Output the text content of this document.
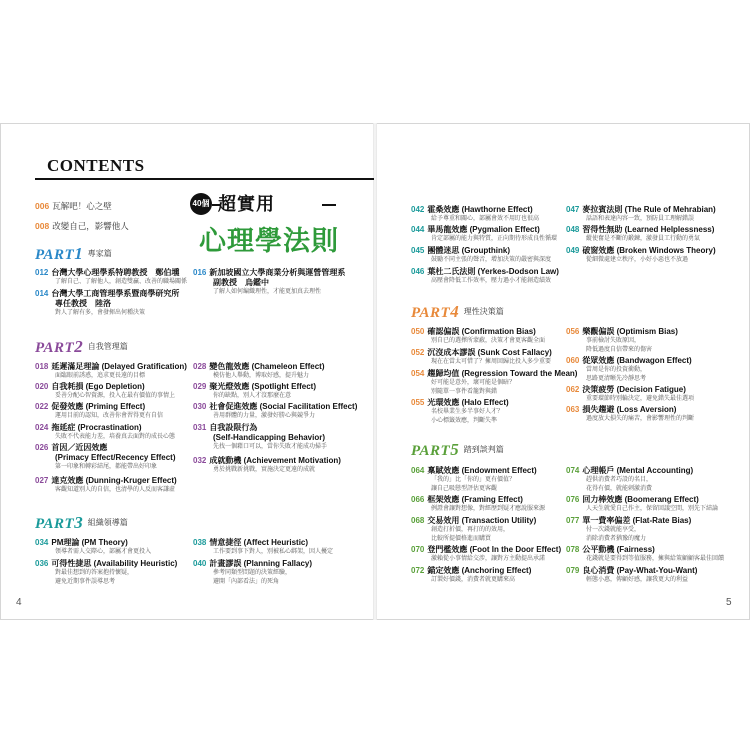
CONTENTS
006 瓦解吧！心之壁
008 改變自己，影響他人
40個 超實用
心理學法則
PART1 專家篇
012 台灣大學心理學系特聘教授　鄭伯壎
了解自己、了解他人，創造雙贏、改善的職場關係
014 台灣大學工商管理學系暨商學研究所
專任教授　陸洛
對人了解有多，會發揮出何種決策
016 新加坡國立大學商業分析與運營管理系
副教授　烏鑑中
了解人如何編織理性，才能更加真去理性
PART2 自我管理篇
018 延遲滿足理論 (Delayed Gratification)
面臨眼前誘惑，追求更長遠的目標
020 自我耗損 (Ego Depletion)
妥善分配心智資源，投入在最有價值的事情上
022 促發效應 (Priming Effect)
運用目前的認知，改善你會習得更有自信
024 拖延症 (Procrastination)
失敗不代表能力差，培養真去面對的成長心態
026 首因／近因效應
(Primacy Effect/Recency Effect)
第一印象和轉彩結尾，都能帶出好印象
027 達克效應 (Dunning-Kruger Effect)
客觀知道別人的自信，也清學的人反而客謙虛
028 變色龍效應 (Chameleon Effect)
模仿他人舉動，博取好感，提升魅力
029 聚光燈效應 (Spotlight Effect)
你的缺點，別人才沒那麼在意
030 社會促進效應 (Social Facilitation Effect)
善用群體的力量，激發好勝心與競爭力
031 自我設限行為
(Self-Handicapping Behavior)
先找一個藉口可以，當你失敗才能成功掃手
032 成就動機 (Achievement Motivation)
勇於挑戰新挑戰，實施決定更遠的成就
PART3 組織領導篇
034 PM理論 (PM Theory)
領導者需人交際心，部屬才會更投入
036 可得性捷思 (Availability Heuristic)
對最佳想到的答案抱持懷疑，
避免近期事件誤導思考
038 情意捷徑 (Affect Heuristic)
工作要到事下對人，別被私心綁架，因人擾定
040 計畫謬誤 (Planning Fallacy)
參考同類型問題的決策經驗，
避開「內部看法」的死角
042 霍桑效應 (Hawthorne Effect)
給予尊重和關心，部屬會效不用盯也很高
044 畢馬龍效應 (Pygmalion Effect)
肯定部屬的能力與特質，正向期待形成良性循環
045 團體迷思 (Groupthink)
鼓勵不同主張的聲音，增加決策的嚴密與深度
046 葉杜二氏法則 (Yerkes-Dodson Law)
高壓會降低工作效率，壓力過小才能創造績效
047 麥拉賓法則 (The Rule of Mehrabian)
話語和表達內容一致，預防員工理解錯誤
048 習得性無助 (Learned Helplessness)
縱使奮是不斷的鍛鍊，激發員工行動的勇氣
049 破窗效應 (Broken Windows Theory)
從細微處建立秩序，小好小惡也不放過
PART4 理性決策篇
050 確認偏誤 (Confirmation Bias)
別自已的選擇所蒙蔽，決策才會更客觀全面
052 沉沒成本謬誤 (Sunk Cost Fallacy)
現在在當太可惜了？擁周回歸比投入多少重要
054 趨歸均值 (Regression Toward the Mean)
好可能是意外，壞可能是個暗？
別隨單一事件看籠對與錯
055 光環效應 (Halo Effect)
名校畢業生多半事好人才？
小心標籤效應，判斷失準
056 樂觀偏誤 (Optimism Bias)
事前檢討失敗原因，
降低過度自信帶來的傷害
060 從眾效應 (Bandwagon Effect)
當周是你的投資衝動，
思路更清晰先冷靜思考
062 決策疲勞 (Decision Fatigue)
重要環節時別輪決定，避免錯失最佳選項
063 損失趨避 (Loss Aversion)
過度放大損失的痛苦，會影響理性的判斷
PART5 踏到談判篇
064 稟賦效應 (Endowment Effect)
「我的」比「你的」更有價值？
讓自己吸戀型評估更客觀
066 框架效應 (Framing Effect)
例證會讓對想像，對經歷到疑才應說服來源
068 交易效用 (Transaction Utility)
創造打折價，再打的的效用，
比較所提價格進而購買
070 登門檻效應 (Foot In the Door Effect)
激賴從小事情給交涉，讓對方主動提出承諾
072 錨定效應 (Anchoring Effect)
訂製好價錢，消費者就更購來高
074 心理帳戶 (Mental Accounting)
趕供消費者巧設的名目，
花得有價，就能刺激消費
076 回力棒效應 (Boomerang Effect)
人天生就愛自己作主，保留回議空間，別先下結論
077 單一費率偏差 (Flat-Rate Bias)
付一次錢就能享受，
消除消費者猶豫的魔力
078 公平動機 (Fairness)
花錢就是要得到等值服務，擁與給策顧顧客最佳回饋
079 良心消費 (Pay-What-You-Want)
輕態小惠，傳顧好感，讓我更大的利益
4	5
